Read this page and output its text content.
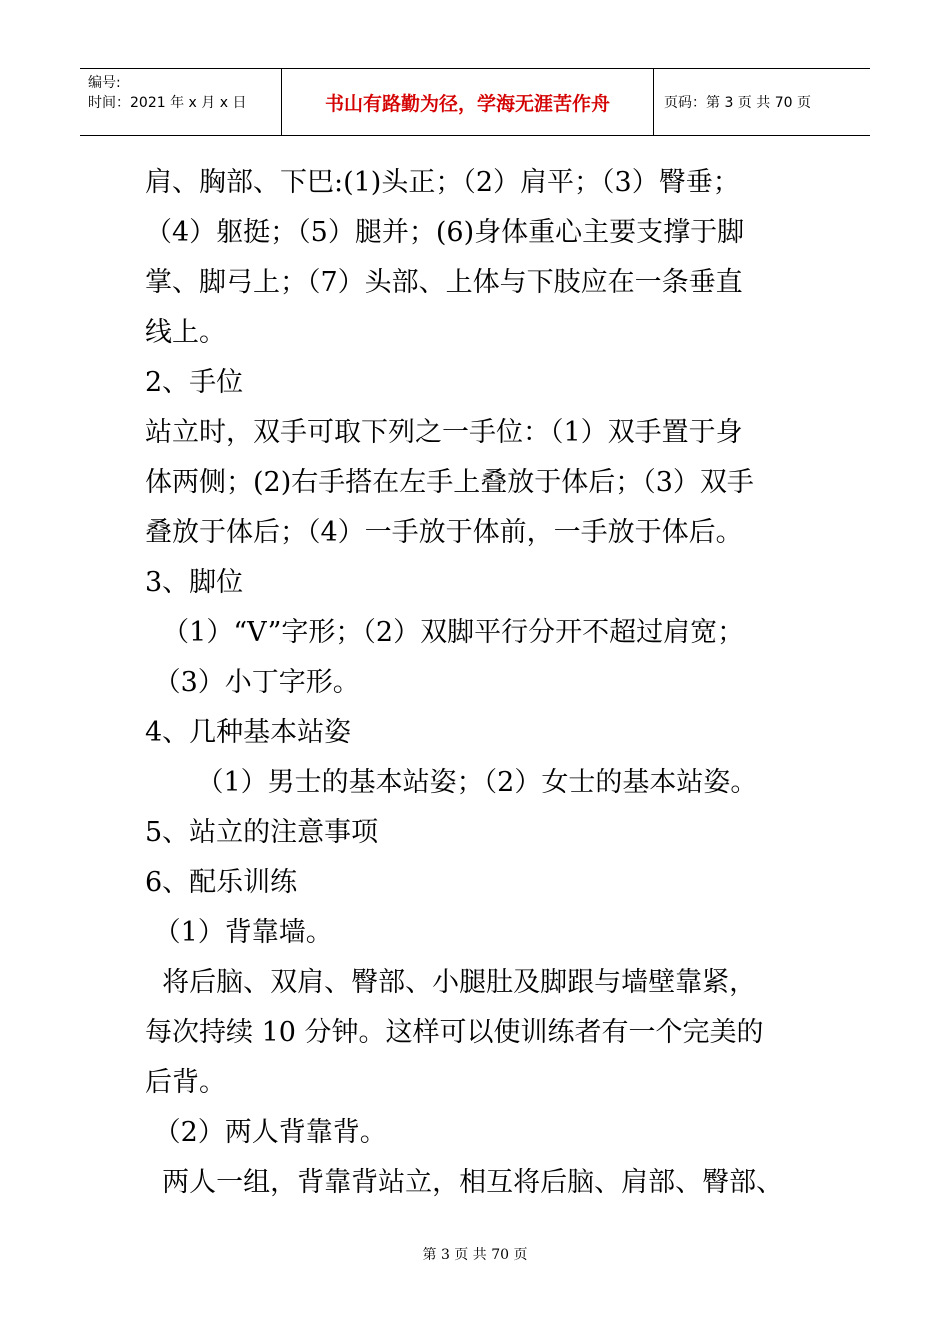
编号:
时间：2021 年 x 月 x 日	书山有路勤为径，学海无涯苦作舟	页码：第 3 页 共 70 页
肩、胸部、下巴:(1)头正；（2）肩平；（3）臀垂；
（4）躯挺；（5）腿并；(6)身体重心主要支撑于脚
掌、脚弓上；（7）头部、上体与下肢应在一条垂直
线上。
2、手位
站立时，双手可取下列之一手位：（1）双手置于身
体两侧；(2)右手搭在左手上叠放于体后；（3）双手
叠放于体后；（4）一手放于体前，一手放于体后。
3、脚位
（1）“V”字形；（2）双脚平行分开不超过肩宽；
（3）小丁字形。
4、几种基本站姿
（1）男士的基本站姿；（2）女士的基本站姿。
5、站立的注意事项
6、配乐训练
（1）背靠墙。
将后脑、双肩、臀部、小腿肚及脚跟与墙壁靠紧，
每次持续 10 分钟。这样可以使训练者有一个完美的
后背。
（2）两人背靠背。
两人一组，背靠背站立，相互将后脑、肩部、臀部、
第 3 页 共 70 页
